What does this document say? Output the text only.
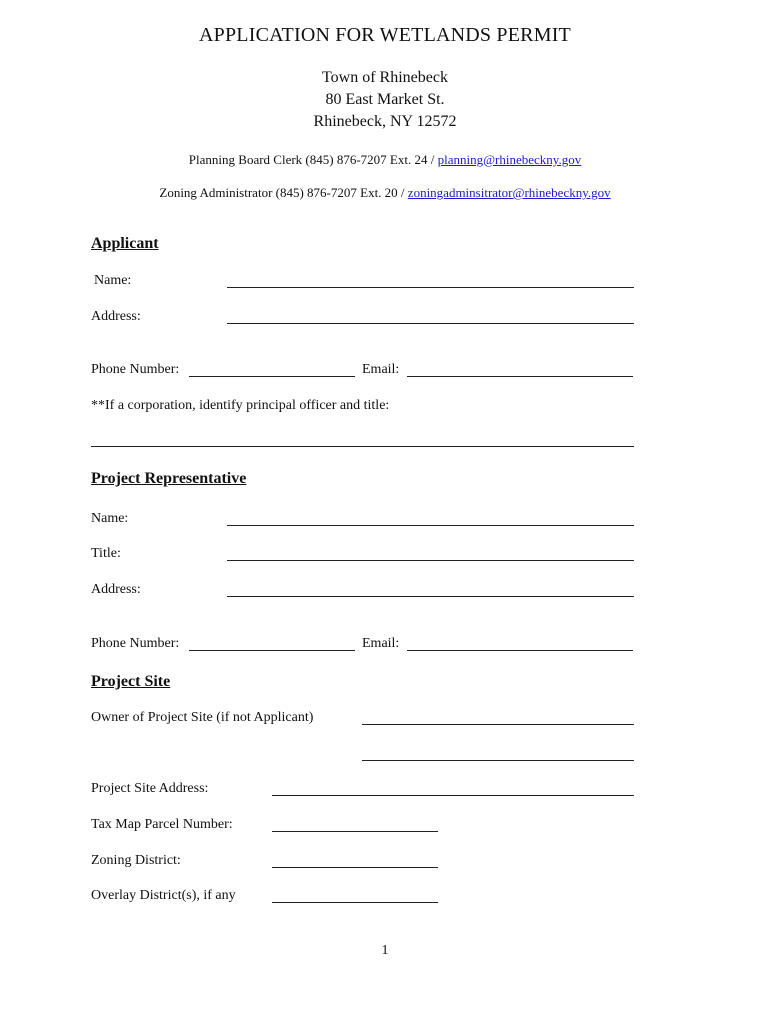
APPLICATION FOR WETLANDS PERMIT
Town of Rhinebeck
80 East Market St.
Rhinebeck, NY 12572
Planning Board Clerk (845) 876-7207 Ext. 24 / planning@rhinebeckny.gov
Zoning Administrator (845) 876-7207 Ext. 20 / zoningadminsitrator@rhinebeckny.gov
Applicant
Name:
Address:
Phone Number:	Email:
**If a corporation, identify principal officer and title:
Project Representative
Name:
Title:
Address:
Phone Number:	Email:
Project Site
Owner of Project Site (if not Applicant)
Project Site Address:
Tax Map Parcel Number:
Zoning District:
Overlay District(s), if any
1
